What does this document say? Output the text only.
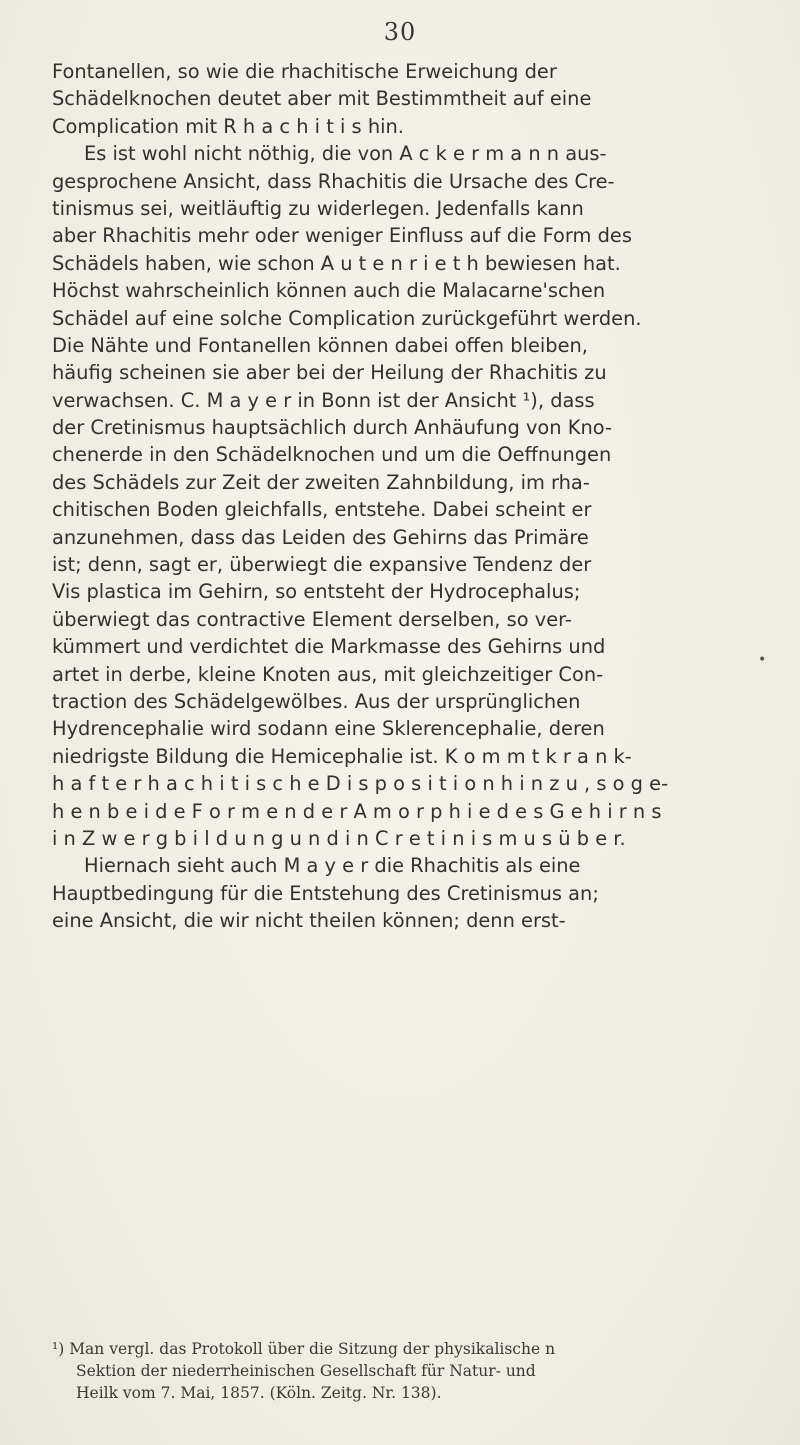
30
Fontanellen, so wie die rhachitische Erweichung der
Schädelknochen deutet aber mit Bestimmtheit auf eine
Complication mit R h a c h i t i s hin.
Es ist wohl nicht nöthig, die von A c k e r m a n n aus-
gesprochene Ansicht, dass Rhachitis die Ursache des Cre-
tinismus sei, weitläuftig zu widerlegen. Jedenfalls kann
aber Rhachitis mehr oder weniger Einfluss auf die Form des
Schädels haben, wie schon A u t e n r i e t h bewiesen hat.
Höchst wahrscheinlich können auch die Malacarne'schen
Schädel auf eine solche Complication zurückgeführt werden.
Die Nähte und Fontanellen können dabei offen bleiben,
häufig scheinen sie aber bei der Heilung der Rhachitis zu
verwachsen. C. M a y e r in Bonn ist der Ansicht ¹), dass
der Cretinismus hauptsächlich durch Anhäufung von Kno-
chenerde in den Schädelknochen und um die Oeffnungen
des Schädels zur Zeit der zweiten Zahnbildung, im rha-
chitischen Boden gleichfalls, entstehe. Dabei scheint er
anzunehmen, dass das Leiden des Gehirns das Primäre
ist; denn, sagt er, überwiegt die expansive Tendenz der
Vis plastica im Gehirn, so entsteht der Hydrocephalus;
überwiegt das contractive Element derselben, so ver-
kümmert und verdichtet die Markmasse des Gehirns und
artet in derbe, kleine Knoten aus, mit gleichzeitiger Con-
traction des Schädelgewölbes. Aus der ursprünglichen
Hydrencephalie wird sodann eine Sklerencephalie, deren
niedrigste Bildung die Hemicephalie ist. K o m m t k r a n k-
h a f t e r h a c h i t i s c h e D i s p o s i t i o n h i n z u , s o g e-
h e n b e i d e F o r m e n d e r A m o r p h i e d e s G e h i r n s
i n Z w e r g b i l d u n g u n d i n C r e t i n i s m u s ü b e r.
Hiernach sieht auch M a y e r die Rhachitis als eine
Hauptbedingung für die Entstehung des Cretinismus an;
eine Ansicht, die wir nicht theilen können; denn erst-
¹) Man vergl. das Protokoll über die Sitzung der physikalische n
Sektion der niederrheinischen Gesellschaft für Natur- und
Heilk vom 7. Mai, 1857. (Köln. Zeitg. Nr. 138).
•
